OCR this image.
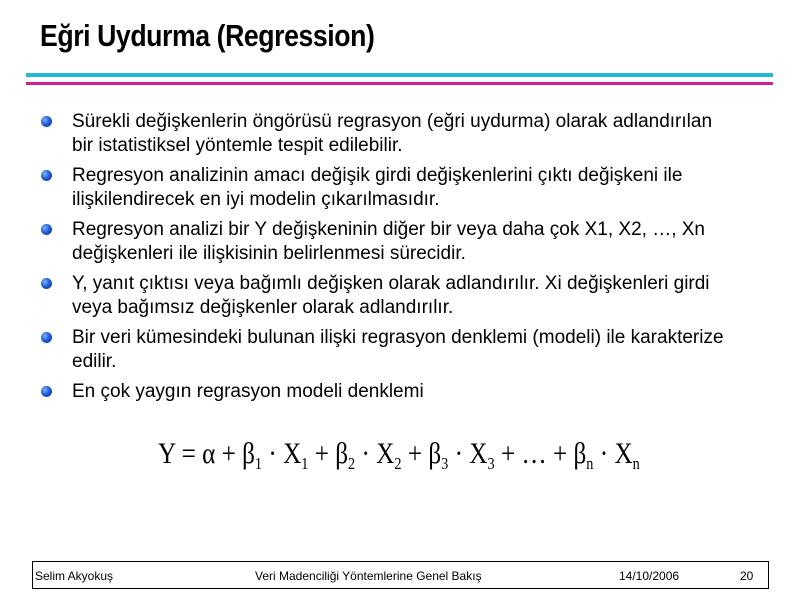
Eğri Uydurma (Regression)
Sürekli değişkenlerin öngörüsü regrasyon (eğri uydurma) olarak adlandırılan bir istatistiksel yöntemle tespit edilebilir.
Regresyon analizinin amacı değişik girdi değişkenlerini çıktı değişkeni ile ilişkilendirecek en iyi modelin çıkarılmasıdır.
Regresyon analizi bir Y değişkeninin diğer bir veya daha çok X1, X2, …, Xn değişkenleri ile ilişkisinin belirlenmesi sürecidir.
Y, yanıt çıktısı veya bağımlı değişken olarak adlandırılır. Xi değişkenleri girdi veya bağımsız değişkenler olarak adlandırılır.
Bir veri kümesindeki bulunan ilişki regrasyon denklemi (modeli) ile karakterize edilir.
En çok yaygın regrasyon modeli denklemi
$Y = \alpha + \beta_1 \cdot X_1 + \beta_2 \cdot X_2 + \beta_3 \cdot X_3$ + … + $\beta_n \cdot X_n$
Selim Akyokuş	Veri Madenciliği Yöntemlerine Genel Bakış	14/10/2006	20
